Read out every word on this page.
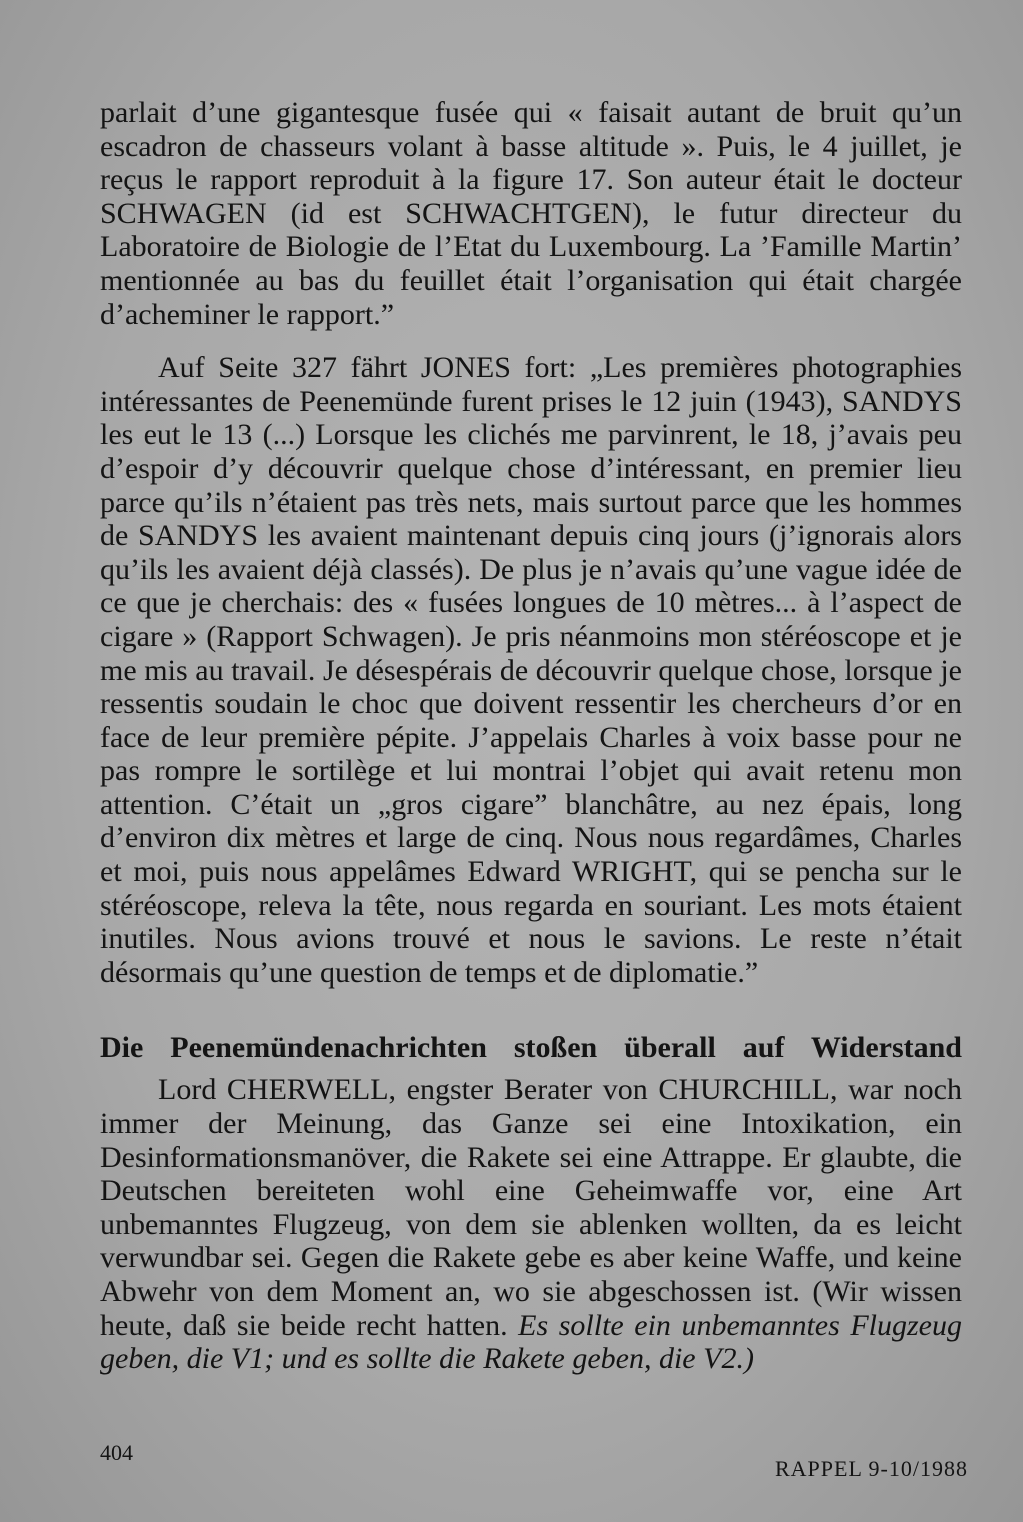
parlait d’une gigantesque fusée qui « faisait autant de bruit qu’un escadron de chasseurs volant à basse altitude ». Puis, le 4 juillet, je reçus le rapport reproduit à la figure 17. Son auteur était le docteur SCHWAGEN (id est SCHWACHTGEN), le futur directeur du Laboratoire de Biologie de l’Etat du Luxembourg. La ’Famille Martin’ mentionnée au bas du feuillet était l’organisation qui était chargée d’acheminer le rapport.”

Auf Seite 327 fährt JONES fort: „Les premières photographies intéressantes de Peenemünde furent prises le 12 juin (1943), SANDYS les eut le 13 (...) Lorsque les clichés me parvinrent, le 18, j’avais peu d’espoir d’y découvrir quelque chose d’intéressant, en premier lieu parce qu’ils n’étaient pas très nets, mais surtout parce que les hommes de SANDYS les avaient maintenant depuis cinq jours (j’ignorais alors qu’ils les avaient déjà classés). De plus je n’avais qu’une vague idée de ce que je cherchais: des « fusées longues de 10 mètres... à l’aspect de cigare » (Rapport Schwagen). Je pris néanmoins mon stéréoscope et je me mis au travail. Je désespérais de découvrir quelque chose, lorsque je ressentis soudain le choc que doivent ressentir les chercheurs d’or en face de leur première pépite. J’appelais Charles à voix basse pour ne pas rompre le sortilège et lui montrai l’objet qui avait retenu mon attention. C’était un „gros cigare” blanchâtre, au nez épais, long d’environ dix mètres et large de cinq. Nous nous regardâmes, Charles et moi, puis nous appelâmes Edward WRIGHT, qui se pencha sur le stéréoscope, releva la tête, nous regarda en souriant. Les mots étaient inutiles. Nous avions trouvé et nous le savions. Le reste n’était désormais qu’une question de temps et de diplomatie.”

Die Peenemündenachrichten stoßen überall auf Widerstand

Lord CHERWELL, engster Berater von CHURCHILL, war noch immer der Meinung, das Ganze sei eine Intoxikation, ein Desinformationsmanöver, die Rakete sei eine Attrappe. Er glaubte, die Deutschen bereiteten wohl eine Geheimwaffe vor, eine Art unbemanntes Flugzeug, von dem sie ablenken wollten, da es leicht verwundbar sei. Gegen die Rakete gebe es aber keine Waffe, und keine Abwehr von dem Moment an, wo sie abgeschossen ist. (Wir wissen heute, daß sie beide recht hatten. Es sollte ein unbemanntes Flugzeug geben, die V1; und es sollte die Rakete geben, die V2.)

404
RAPPEL 9-10/1988
